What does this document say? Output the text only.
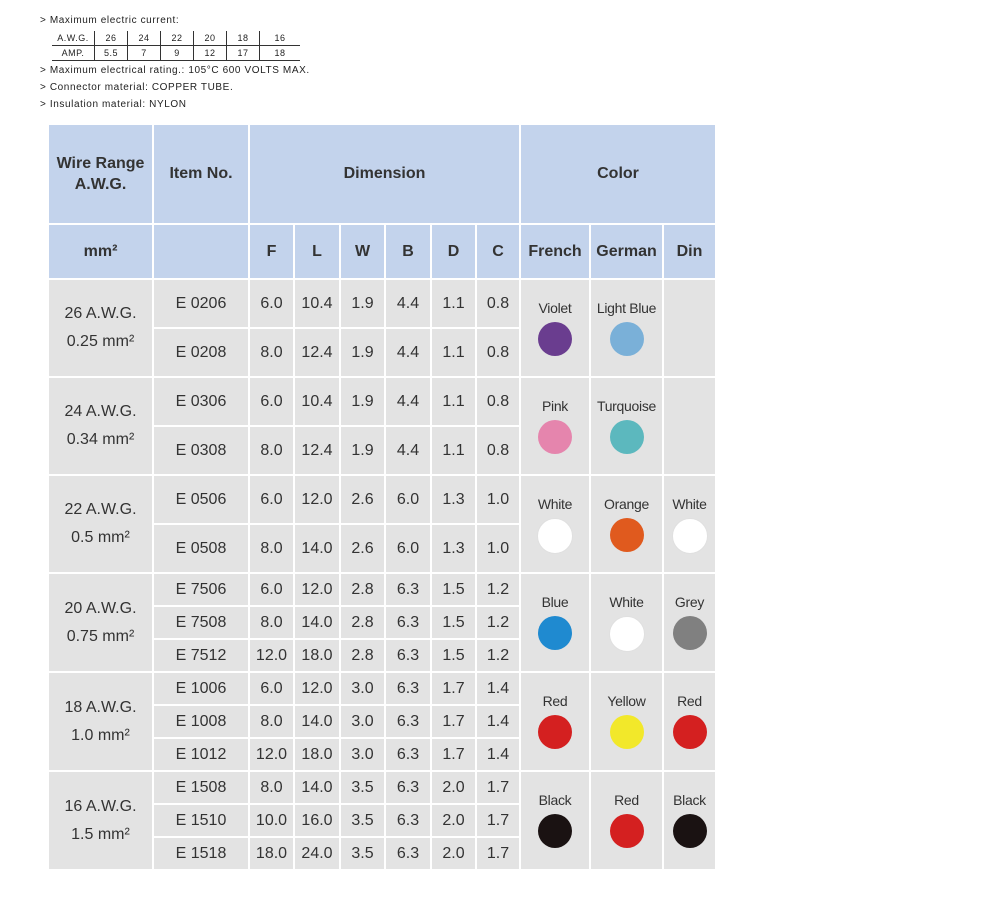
> Maximum electric current:
A.W.G.	26	24	22	20	18	16
AMP.	5.5	7	9	12	17	18
> Maximum electrical rating.: 105°C 600 VOLTS MAX.
> Connector material: COPPER TUBE.
> Insulation material: NYLON
Wire Range A.W.G.	Item No.	Dimension						Color		
mm²		F	L	W	B	D	C	French	German	Din

26 A.W.G.
0.25 mm²	E 0206	6.0	10.4	1.9	4.4	1.1	0.8	Violet	Light Blue	

	E 0208	8.0	12.4	1.9	4.4	1.1	0.8			

24 A.W.G.
0.34 mm²	E 0306	6.0	10.4	1.9	4.4	1.1	0.8	Pink	Turquoise	

	E 0308	8.0	12.4	1.9	4.4	1.1	0.8			

22 A.W.G.
0.5 mm²	E 0506	6.0	12.0	2.6	6.0	1.3	1.0	White	Orange	White

	E 0508	8.0	14.0	2.6	6.0	1.3	1.0			

20 A.W.G.
0.75 mm²	E 7506	6.0	12.0	2.8	6.3	1.5	1.2	Blue	White	Grey

	E 7508	8.0	14.0	2.8	6.3	1.5	1.2			
	E 7512	12.0	18.0	2.8	6.3	1.5	1.2			

18 A.W.G.
1.0 mm²	E 1006	6.0	12.0	3.0	6.3	1.7	1.4	Red	Yellow	Red

	E 1008	8.0	14.0	3.0	6.3	1.7	1.4			
	E 1012	12.0	18.0	3.0	6.3	1.7	1.4			

16 A.W.G.
1.5 mm²	E 1508	8.0	14.0	3.5	6.3	2.0	1.7	Black	Red	Black

	E 1510	10.0	16.0	3.5	6.3	2.0	1.7			
	E 1518	18.0	24.0	3.5	6.3	2.0	1.7			
